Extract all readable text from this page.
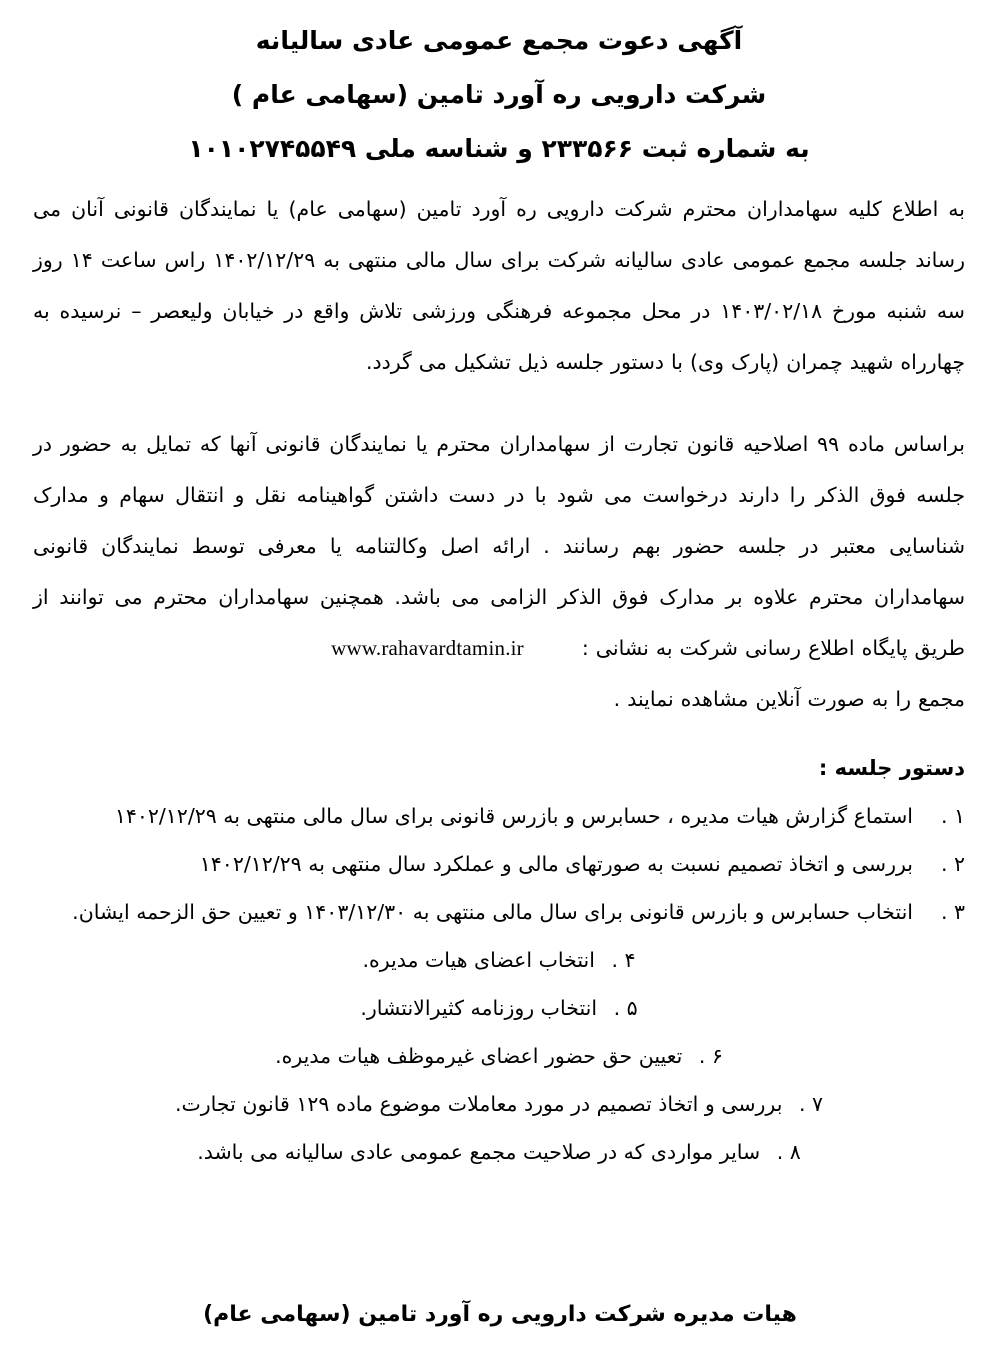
آگهی دعوت مجمع عمومی عادی سالیانه
شرکت دارویی ره آورد تامین (سهامی عام )
به شماره ثبت ۲۳۳۵۶۶ و شناسه ملی ۱۰۱۰۲۷۴۵۵۴۹

به اطلاع کلیه سهامداران محترم شرکت دارویی ره آورد تامین (سهامی عام) یا نمایندگان قانونی آنان می رساند جلسه مجمع عمومی عادی سالیانه شرکت برای سال مالی منتهی به ۱۴۰۲/۱۲/۲۹ راس ساعت ۱۴ روز سه شنبه مورخ ۱۴۰۳/۰۲/۱۸ در محل مجموعه فرهنگی ورزشی تلاش واقع در خیابان ولیعصر – نرسیده به چهارراه شهید چمران (پارک وی) با دستور جلسه ذیل تشکیل می گردد.

براساس ماده ۹۹ اصلاحیه قانون تجارت از سهامداران محترم یا نمایندگان قانونی آنها که تمایل به حضور در جلسه فوق الذکر را دارند درخواست می شود با در دست داشتن گواهینامه نقل و انتقال سهام و مدارک شناسایی معتبر در جلسه حضور بهم رسانند . ارائه اصل وکالتنامه یا معرفی توسط نمایندگان قانونی سهامداران محترم علاوه بر مدارک فوق الذکر الزامی می باشد. همچنین سهامداران محترم می توانند از طریق پایگاه اطلاع رسانی شرکت به نشانی :www.rahavardtamin.ir

مجمع را به صورت آنلاین مشاهده نمایند .

دستور جلسه :
۱ .
استماع گزارش هیات مدیره ، حسابرس و بازرس قانونی برای سال مالی منتهی به ۱۴۰۲/۱۲/۲۹
۲ .
بررسی و اتخاذ تصمیم نسبت به صورتهای مالی و عملکرد سال منتهی به ۱۴۰۲/۱۲/۲۹
۳ .
انتخاب حسابرس و بازرس قانونی برای سال مالی منتهی به ۱۴۰۳/۱۲/۳۰ و تعیین حق الزحمه ایشان.
۴ . انتخاب اعضای هیات مدیره.
۵ . انتخاب روزنامه کثیرالانتشار.
۶ . تعیین حق حضور اعضای غیرموظف هیات مدیره.
۷ . بررسی و اتخاذ تصمیم در مورد معاملات موضوع ماده ۱۲۹ قانون تجارت.
۸ . سایر مواردی که در صلاحیت مجمع عمومی عادی سالیانه می باشد.
هیات مدیره شرکت دارویی ره آورد تامین (سهامی عام)
